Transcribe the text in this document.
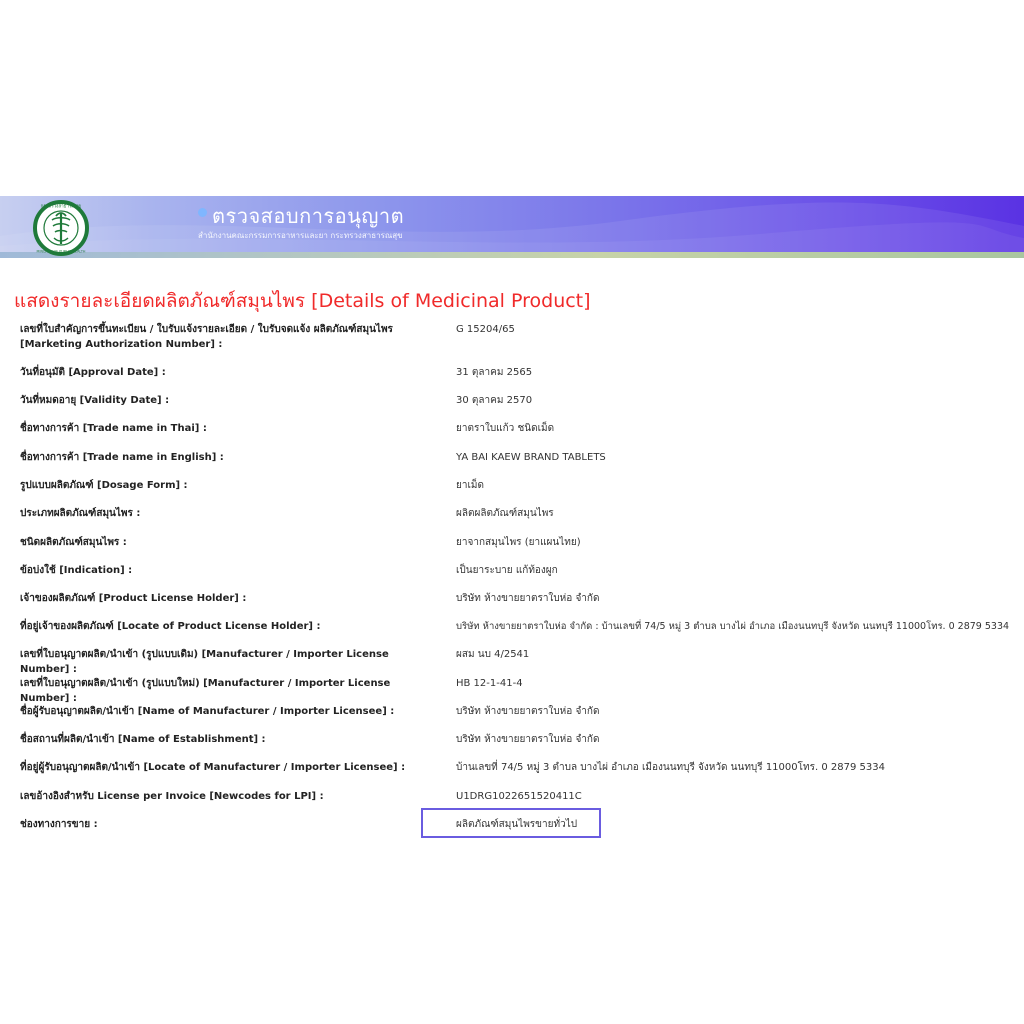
กระทรวงสาธารณสุข
MINISTRY OF PUBLIC HEALTH
ตรวจสอบการอนุญาต
สำนักงานคณะกรรมการอาหารและยา กระทรวงสาธารณสุข
แสดงรายละเอียดผลิตภัณฑ์สมุนไพร [Details of Medicinal Product]
เลขที่ใบสำคัญการขึ้นทะเบียน / ใบรับแจ้งรายละเอียด / ใบรับจดแจ้ง ผลิตภัณฑ์สมุนไพร [Marketing Authorization Number] :
G 15204/65
วันที่อนุมัติ [Approval Date] :	31 ตุลาคม 2565
วันที่หมดอายุ [Validity Date] :	30 ตุลาคม 2570
ชื่อทางการค้า [Trade name in Thai] :	ยาตราใบแก้ว ชนิดเม็ด
ชื่อทางการค้า [Trade name in English] :	YA BAI KAEW BRAND TABLETS
รูปแบบผลิตภัณฑ์ [Dosage Form] :	ยาเม็ด
ประเภทผลิตภัณฑ์สมุนไพร :	ผลิตผลิตภัณฑ์สมุนไพร
ชนิดผลิตภัณฑ์สมุนไพร :	ยาจากสมุนไพร (ยาแผนไทย)
ข้อบ่งใช้ [Indication] :	เป็นยาระบาย แก้ท้องผูก
เจ้าของผลิตภัณฑ์ [Product License Holder] :	บริษัท ห้างขายยาตราใบห่อ จำกัด
ที่อยู่เจ้าของผลิตภัณฑ์ [Locate of Product License Holder] :	บริษัท ห้างขายยาตราใบห่อ จำกัด : บ้านเลขที่ 74/5 หมู่ 3 ตำบล บางไผ่ อำเภอ เมืองนนทบุรี จังหวัด นนทบุรี 11000โทร. 0 2879 5334
เลขที่ใบอนุญาตผลิต/นำเข้า (รูปแบบเดิม) [Manufacturer / Importer License Number] :
ผสม นบ 4/2541
เลขที่ใบอนุญาตผลิต/นำเข้า (รูปแบบใหม่) [Manufacturer / Importer License Number] :
HB 12-1-41-4
ชื่อผู้รับอนุญาตผลิต/นำเข้า [Name of Manufacturer / Importer Licensee] :	บริษัท ห้างขายยาตราใบห่อ จำกัด
ชื่อสถานที่ผลิต/นำเข้า [Name of Establishment] :	บริษัท ห้างขายยาตราใบห่อ จำกัด
ที่อยู่ผู้รับอนุญาตผลิต/นำเข้า [Locate of Manufacturer / Importer Licensee] :	บ้านเลขที่ 74/5 หมู่ 3 ตำบล บางไผ่ อำเภอ เมืองนนทบุรี จังหวัด นนทบุรี 11000โทร. 0 2879 5334
เลขอ้างอิงสำหรับ License per Invoice [Newcodes for LPI] :	U1DRG1022651520411C
ช่องทางการขาย :	ผลิตภัณฑ์สมุนไพรขายทั่วไป
